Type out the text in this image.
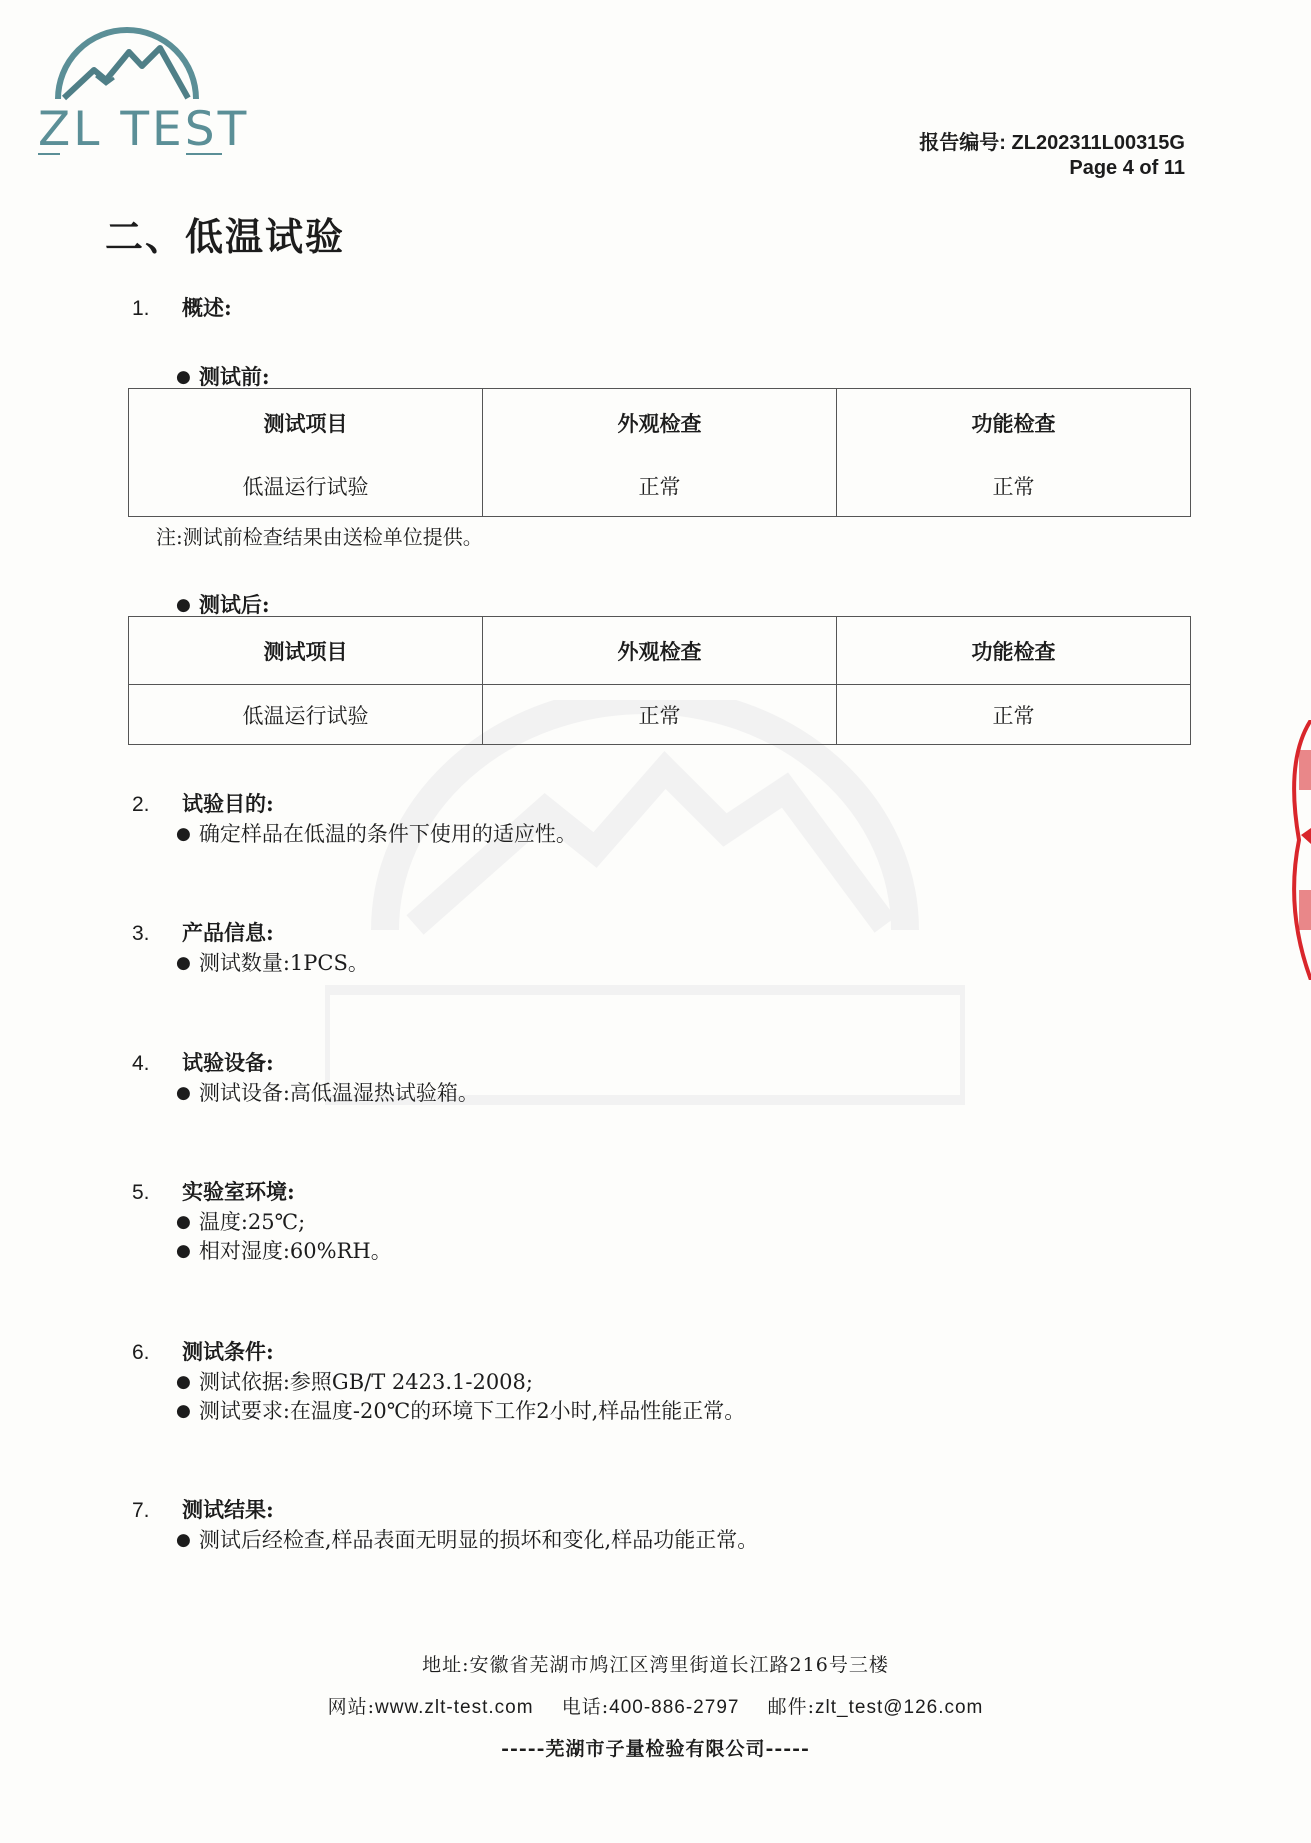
ZL TEST	报告编号: ZL202311L00315G
Page 4 of 11
二、低温试验
1. 概述:
● 测试前:
测试项目	外观检查	功能检查
低温运行试验	正常	正常
注:测试前检查结果由送检单位提供。
● 测试后:
测试项目	外观检查	功能检查
低温运行试验	正常	正常
2. 试验目的:
● 确定样品在低温的条件下使用的适应性。
3. 产品信息:
● 测试数量:1PCS。
4. 试验设备:
● 测试设备:高低温湿热试验箱。
5. 实验室环境:
● 温度:25℃;
● 相对湿度:60%RH。
6. 测试条件:
● 测试依据:参照GB/T 2423.1-2008;
● 测试要求:在温度-20℃的环境下工作2小时,样品性能正常。
7. 测试结果:
● 测试后经检查,样品表面无明显的损坏和变化,样品功能正常。
地址:安徽省芜湖市鸠江区湾里街道长江路216号三楼
网站:www.zlt-test.com 电话:400-886-2797 邮件:zlt_test@126.com
-----芜湖市子量检验有限公司-----
